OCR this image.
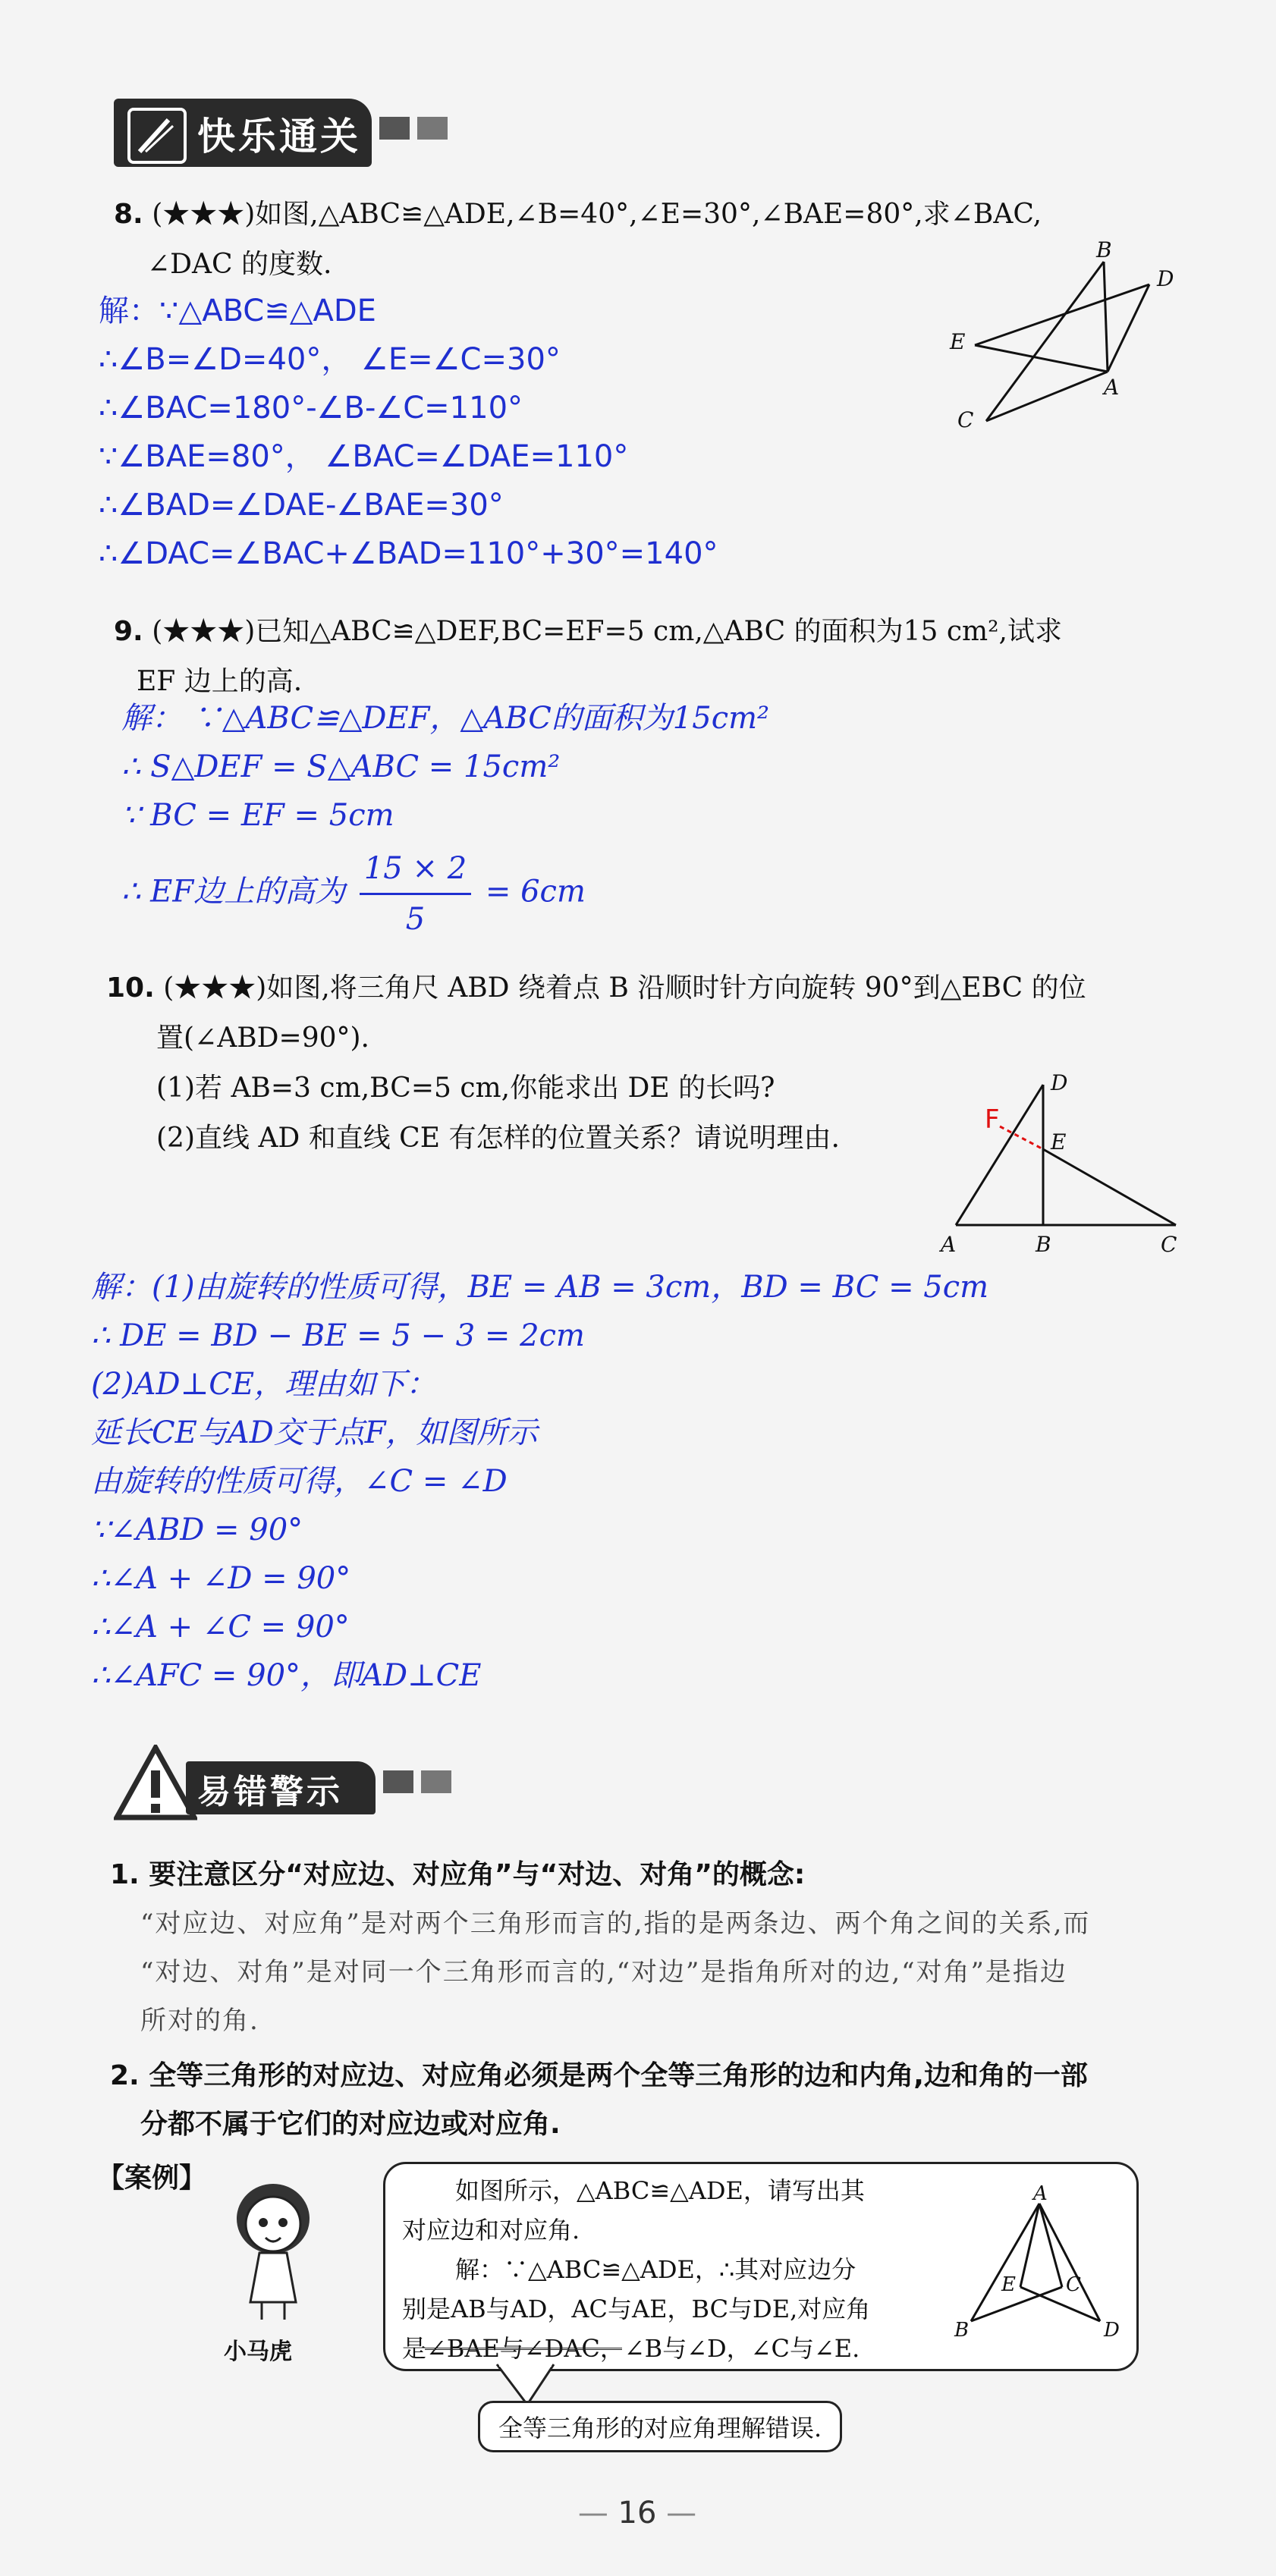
快乐通关
8. (★★★)如图,△ABC≌△ADE,∠B=40°,∠E=30°,∠BAE=80°,求∠BAC,
∠DAC 的度数.
解：∵△ABC≌△ADE
∴∠B=∠D=40°， ∠E=∠C=30°
∴∠BAC=180°-∠B-∠C=110°
∵∠BAE=80°， ∠BAC=∠DAE=110°
∴∠BAD=∠DAE-∠BAE=30°
∴∠DAC=∠BAC+∠BAD=110°+30°=140°
B
D
E
A
C
9. (★★★)已知△ABC≌△DEF,BC=EF=5 cm,△ABC 的面积为15 cm²,试求
EF 边上的高.
解： ∵△ABC≌△DEF，△ABC的面积为15cm²
∴ S△DEF = S△ABC = 15cm²
∵ BC = EF = 5cm
∴ EF边上的高为 $\frac{15 \times 2}{5} = 6cm$
10. (★★★)如图,将三角尺 ABD 绕着点 B 沿顺时针方向旋转 90°到△EBC 的位
置(∠ABD=90°).
(1)若 AB=3 cm,BC=5 cm,你能求出 DE 的长吗?
(2)直线 AD 和直线 CE 有怎样的位置关系？请说明理由.
D
E
A	B	C
F
解：(1)由旋转的性质可得，BE = AB = 3cm，BD = BC = 5cm
∴ DE = BD − BE = 5 − 3 = 2cm
(2)AD⊥CE，理由如下：
延长CE与AD交于点F，如图所示
由旋转的性质可得，∠C = ∠D
∵∠ABD = 90°
∴∠A + ∠D = 90°
∴∠A + ∠C = 90°
∴∠AFC = 90°，即AD⊥CE
易错警示
1. 要注意区分“对应边、对应角”与“对边、对角”的概念:
“对应边、对应角”是对两个三角形而言的,指的是两条边、两个角之间的关系,而
“对边、对角”是对同一个三角形而言的,“对边”是指角所对的边,“对角”是指边
所对的角.
2. 全等三角形的对应边、对应角必须是两个全等三角形的边和内角,边和角的一部
分都不属于它们的对应边或对应角.
【案例】
小马虎
如图所示，△ABC≌△ADE，请写出其
对应边和对应角.
解：∵△ABC≌△ADE，∴其对应边分
别是AB与AD，AC与AE，BC与DE,对应角
是∠BAE与∠DAC，∠B与∠D，∠C与∠E.
A
E	C
B	D
全等三角形的对应角理解错误.
— 16 —
